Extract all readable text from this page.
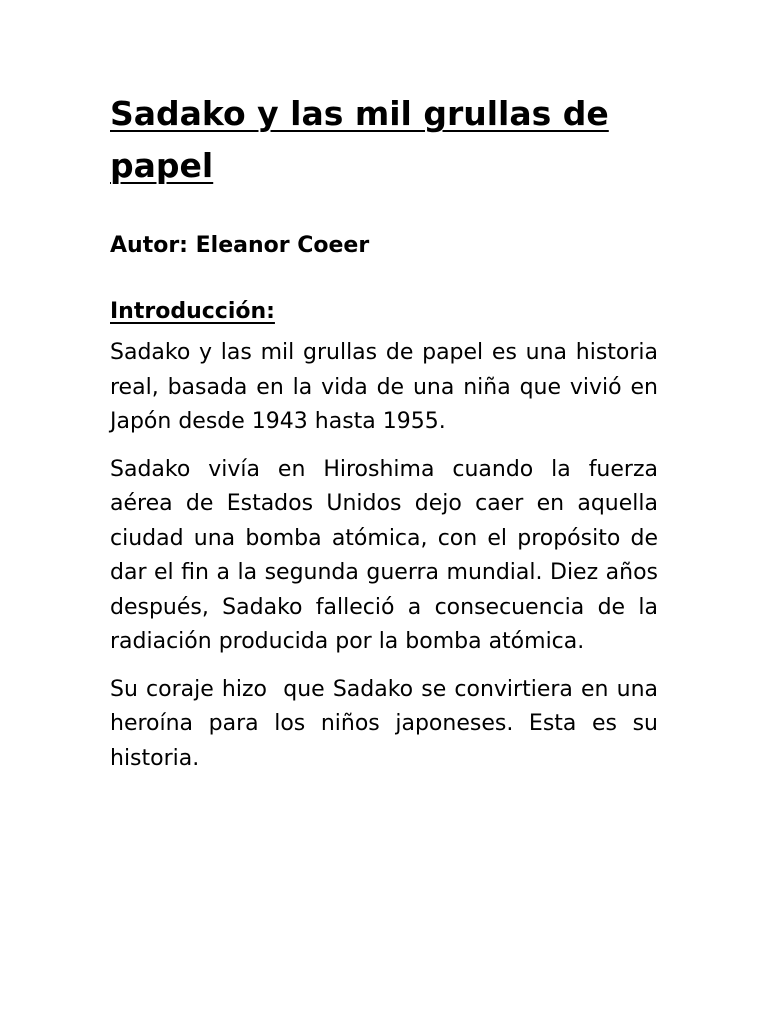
Sadako y las mil grullas de papel
Autor: Eleanor Coeer
Introducción:

Sadako y las mil grullas de papel es una historia real, basada en la vida de una niña que vivió en Japón desde 1943 hasta 1955.

Sadako vivía en Hiroshima cuando la fuerza aérea de Estados Unidos dejo caer en aquella ciudad una bomba atómica, con el propósito de dar el fin a la segunda guerra mundial. Diez años después, Sadako falleció a consecuencia de la radiación producida por la bomba atómica.

Su coraje hizo  que Sadako se convirtiera en una heroína para los niños japoneses. Esta es su historia.
